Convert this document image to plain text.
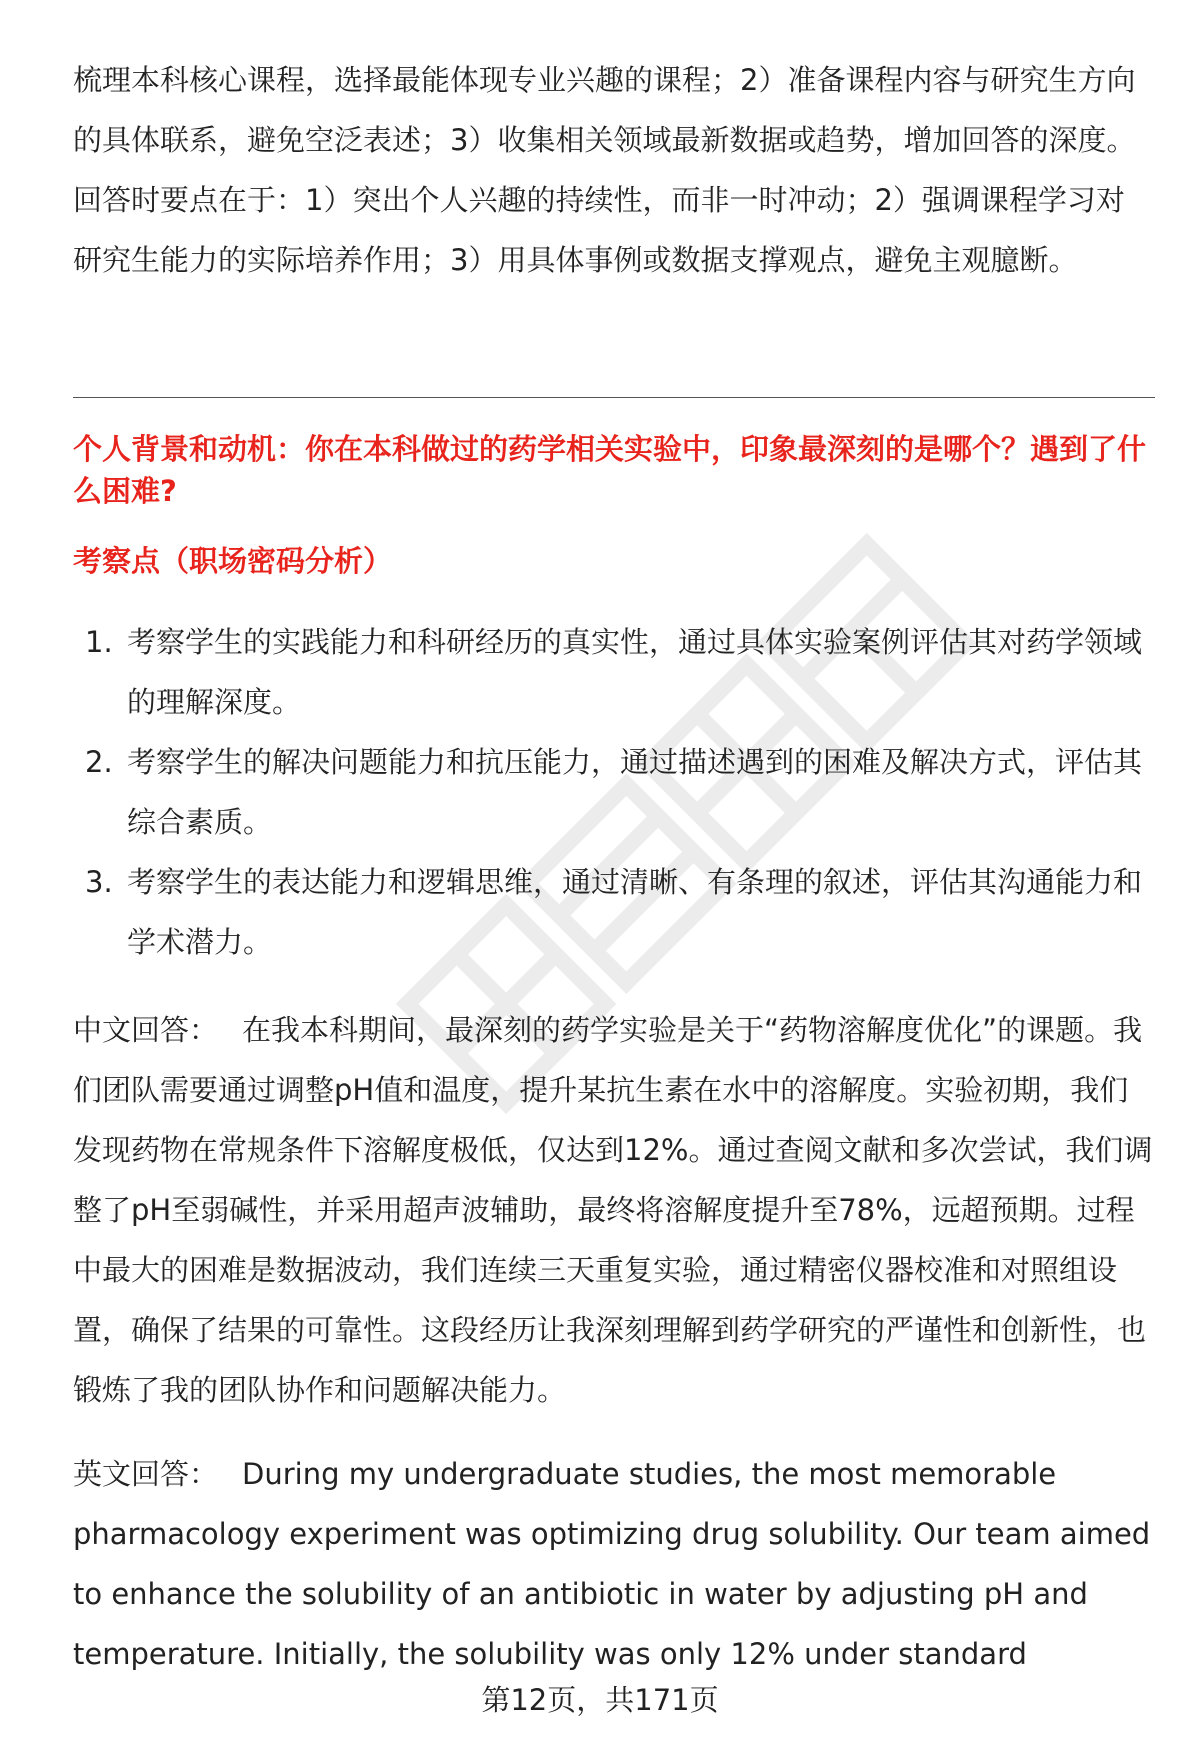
梳理本科核心课程，选择最能体现专业兴趣的课程；2）准备课程内容与研究生方向的具体联系，避免空泛表述；3）收集相关领域最新数据或趋势，增加回答的深度。回答时要点在于：1）突出个人兴趣的持续性，而非一时冲动；2）强调课程学习对研究生能力的实际培养作用；3）用具体事例或数据支撑观点，避免主观臆断。

个人背景和动机：你在本科做过的药学相关实验中，印象最深刻的是哪个？遇到了什么困难?
考察点（职场密码分析）
1. 考察学生的实践能力和科研经历的真实性，通过具体实验案例评估其对药学领域的理解深度。
2. 考察学生的解决问题能力和抗压能力，通过描述遇到的困难及解决方式，评估其综合素质。
3. 考察学生的表达能力和逻辑思维，通过清晰、有条理的叙述，评估其沟通能力和学术潜力。

中文回答： 在我本科期间，最深刻的药学实验是关于“药物溶解度优化”的课题。我们团队需要通过调整pH值和温度，提升某抗生素在水中的溶解度。实验初期，我们发现药物在常规条件下溶解度极低，仅达到12%。通过查阅文献和多次尝试，我们调整了pH至弱碱性，并采用超声波辅助，最终将溶解度提升至78%，远超预期。过程中最大的困难是数据波动，我们连续三天重复实验，通过精密仪器校准和对照组设置，确保了结果的可靠性。这段经历让我深刻理解到药学研究的严谨性和创新性，也锻炼了我的团队协作和问题解决能力。

英文回答： During my undergraduate studies, the most memorable pharmacology experiment was optimizing drug solubility. Our team aimed to enhance the solubility of an antibiotic in water by adjusting pH and temperature. Initially, the solubility was only 12% under standard

第12页，共171页
